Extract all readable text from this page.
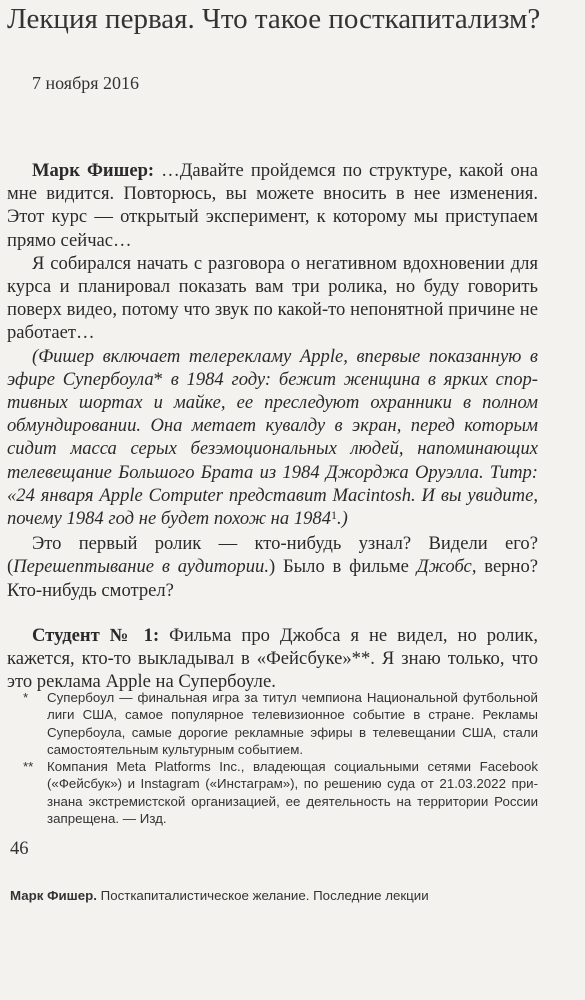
Лекция первая. Что такое посткапитализм?
7 ноября 2016

Марк Фишер: …Давайте пройдемся по структуре, какой она мне видится. Повторюсь, вы можете вносить в нее изменения. Этот курс — открытый эксперимент, к которому мы приступаем прямо сейчас…

Я собирался начать с разговора о негативном вдохновении для курса и планировал показать вам три ролика, но буду говорить поверх видео, потому что звук по какой-то непонятной причине не работает…

(Фишер включает телерекламу Apple, впервые показанную в эфире Супербоула* в 1984 году: бежит женщина в ярких спортивных шортах и майке, ее преследуют охранники в полном обмундировании. Она метает кувалду в экран, перед которым сидит масса серых безэмоциональных людей, напоминающих телевещание Большого Брата из 1984 Джорджа Оруэлла. Титр: «24 января Apple Computer представит Macintosh. И вы увидите, почему 1984 год не будет похож на 1984$^1$.)

Это первый ролик — кто-нибудь узнал? Видели его? (Перешептывание в аудитории.) Было в фильме Джобс, верно? Кто-нибудь смотрел?

Студент № 1: Фильма про Джобса я не видел, но ролик, кажется, кто-то выкладывал в «Фейсбуке»**. Я знаю только, что это реклама Apple на Супербоуле.

*	Супербоул — финальная игра за титул чемпиона Национальной футбольной лиги США, самое популярное телевизионное событие в стране. Рекламы Супербоула, самые дорогие рекламные эфиры в телевещании США, стали самостоятельным культурным событием.
**	Компания Meta Platforms Inc., владеющая социальными сетями Facebook («Фейсбук») и Instagram («Инстаграм»), по решению суда от 21.03.2022 признана экстремистской организацией, ее деятельность на территории России запрещена. — Изд.
46
Марк Фишер. Посткапиталистическое желание. Последние лекции
